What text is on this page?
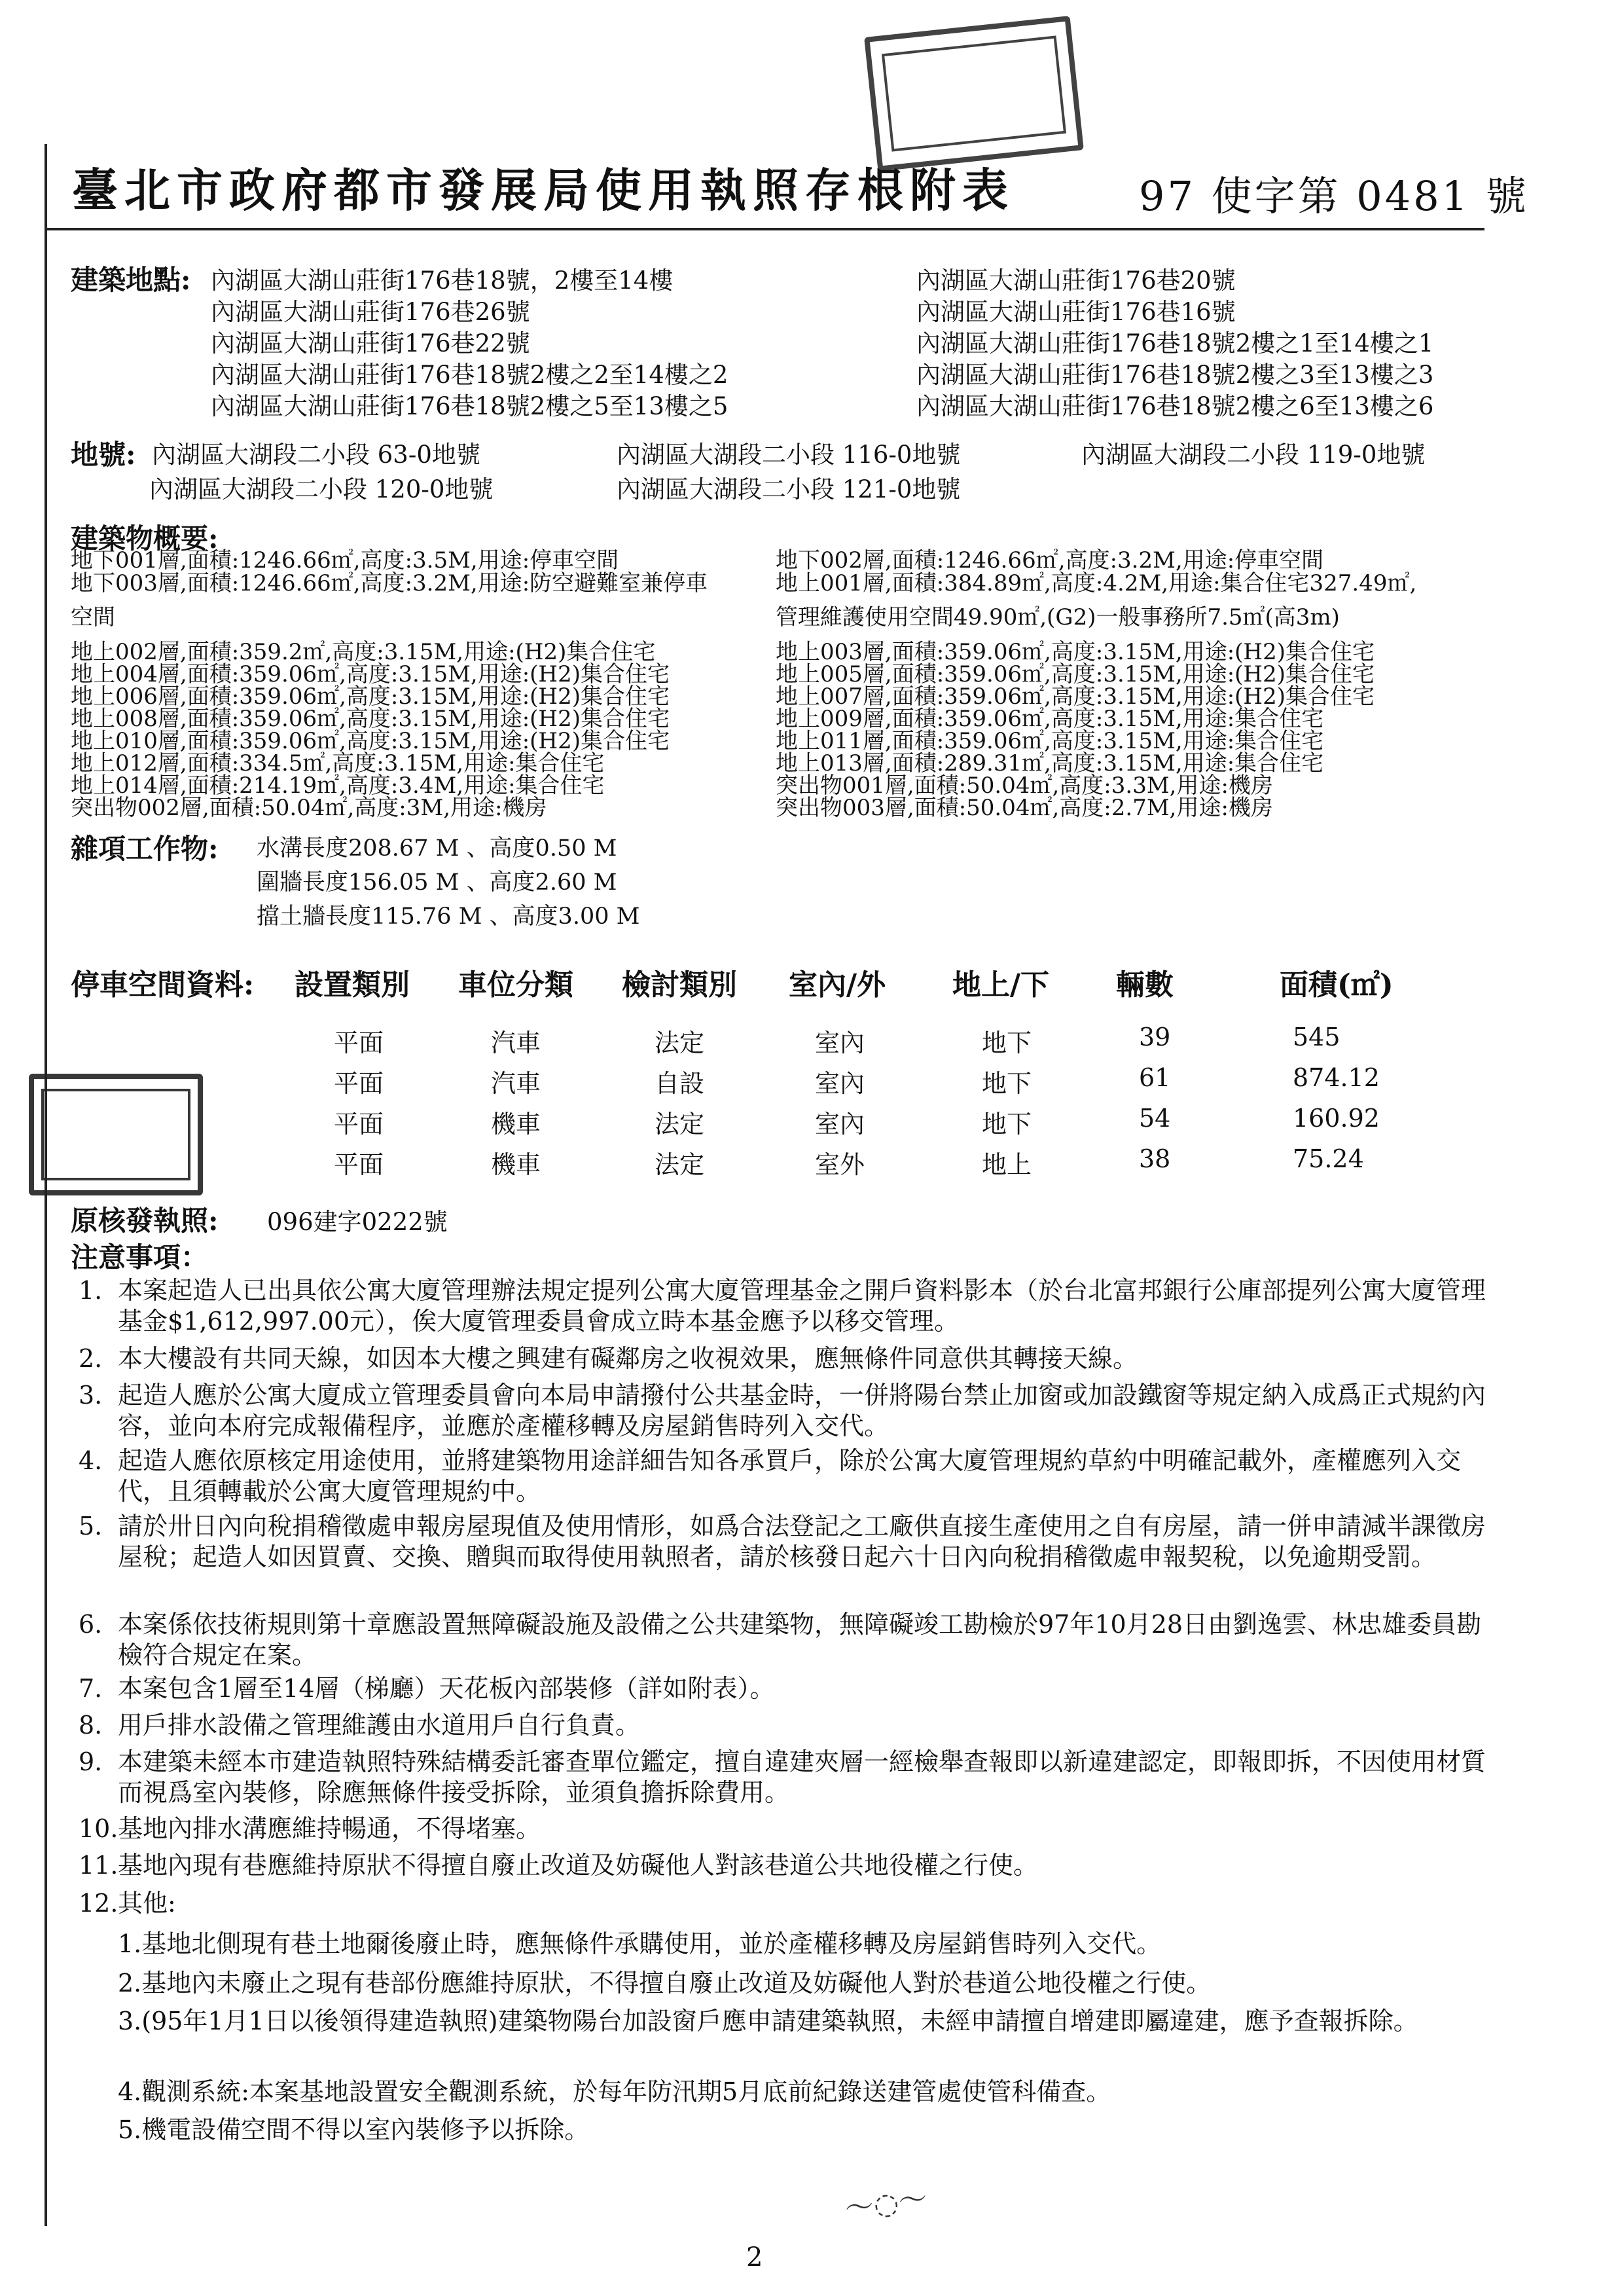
〜◌〜
臺北市政府都市發展局使用執照存根附表	97 使字第 0481 號
建築地點: 內湖區大湖山莊街176巷18號，2樓至14樓
內湖區大湖山莊街176巷26號
內湖區大湖山莊街176巷22號
內湖區大湖山莊街176巷18號2樓之2至14樓之2
內湖區大湖山莊街176巷18號2樓之5至13樓之5
內湖區大湖山莊街176巷20號
內湖區大湖山莊街176巷16號
內湖區大湖山莊街176巷18號2樓之1至14樓之1
內湖區大湖山莊街176巷18號2樓之3至13樓之3
內湖區大湖山莊街176巷18號2樓之6至13樓之6
地號: 內湖區大湖段二小段 63-0地號	內湖區大湖段二小段 116-0地號	內湖區大湖段二小段 119-0地號
內湖區大湖段二小段 120-0地號	內湖區大湖段二小段 121-0地號
建築物概要:
地下001層,面積:1246.66㎡,高度:3.5M,用途:停車空間
地下003層,面積:1246.66㎡,高度:3.2M,用途:防空避難室兼停車
空間
地上002層,面積:359.2㎡,高度:3.15M,用途:(H2)集合住宅
地上004層,面積:359.06㎡,高度:3.15M,用途:(H2)集合住宅
地上006層,面積:359.06㎡,高度:3.15M,用途:(H2)集合住宅
地上008層,面積:359.06㎡,高度:3.15M,用途:(H2)集合住宅
地上010層,面積:359.06㎡,高度:3.15M,用途:(H2)集合住宅
地上012層,面積:334.5㎡,高度:3.15M,用途:集合住宅
地上014層,面積:214.19㎡,高度:3.4M,用途:集合住宅
突出物002層,面積:50.04㎡,高度:3M,用途:機房
地下002層,面積:1246.66㎡,高度:3.2M,用途:停車空間
地上001層,面積:384.89㎡,高度:4.2M,用途:集合住宅327.49㎡,
管理維護使用空間49.90㎡,(G2)一般事務所7.5㎡(高3m)
地上003層,面積:359.06㎡,高度:3.15M,用途:(H2)集合住宅
地上005層,面積:359.06㎡,高度:3.15M,用途:(H2)集合住宅
地上007層,面積:359.06㎡,高度:3.15M,用途:(H2)集合住宅
地上009層,面積:359.06㎡,高度:3.15M,用途:集合住宅
地上011層,面積:359.06㎡,高度:3.15M,用途:集合住宅
地上013層,面積:289.31㎡,高度:3.15M,用途:集合住宅
突出物001層,面積:50.04㎡,高度:3.3M,用途:機房
突出物003層,面積:50.04㎡,高度:2.7M,用途:機房
雜項工作物: 水溝長度208.67 M 、高度0.50 M
圍牆長度156.05 M 、高度2.60 M
擋土牆長度115.76 M 、高度3.00 M
停車空間資料: 設置類別 車位分類 檢討類別 室內/外 地上/下 輛數	面積(㎡)
平面	汽車	法定	室內	地下	39	545
平面	汽車	自設	室內	地下	61	874.12
平面	機車	法定	室內	地下	54	160.92
平面	機車	法定	室外	地上	38	75.24
原核發執照: 096建字0222號
注意事項：
1. 本案起造人已出具依公寓大廈管理辦法規定提列公寓大廈管理基金之開戶資料影本（於台北富邦銀行公庫部提列公寓大廈管理基金$1,612,997.00元），俟大廈管理委員會成立時本基金應予以移交管理。
2. 本大樓設有共同天線，如因本大樓之興建有礙鄰房之收視效果，應無條件同意供其轉接天線。
3. 起造人應於公寓大廈成立管理委員會向本局申請撥付公共基金時，一併將陽台禁止加窗或加設鐵窗等規定納入成爲正式規約內容，並向本府完成報備程序，並應於產權移轉及房屋銷售時列入交代。
4. 起造人應依原核定用途使用，並將建築物用途詳細告知各承買戶，除於公寓大廈管理規約草約中明確記載外，產權應列入交代，且須轉載於公寓大廈管理規約中。
5. 請於卅日內向稅捐稽徵處申報房屋現值及使用情形，如爲合法登記之工廠供直接生產使用之自有房屋，請一併申請減半課徵房屋稅；起造人如因買賣、交換、贈與而取得使用執照者，請於核發日起六十日內向稅捐稽徵處申報契稅，以免逾期受罰。
6. 本案係依技術規則第十章應設置無障礙設施及設備之公共建築物，無障礙竣工勘檢於97年10月28日由劉逸雲、林忠雄委員勘檢符合規定在案。
7. 本案包含1層至14層（梯廳）天花板內部裝修（詳如附表）。
8. 用戶排水設備之管理維護由水道用戶自行負責。
9. 本建築未經本市建造執照特殊結構委託審查單位鑑定，擅自違建夾層一經檢舉查報即以新違建認定，即報即拆，不因使用材質而視爲室內裝修，除應無條件接受拆除，並須負擔拆除費用。
10. 基地內排水溝應維持暢通，不得堵塞。
11. 基地內現有巷應維持原狀不得擅自廢止改道及妨礙他人對該巷道公共地役權之行使。
12. 其他:
1.基地北側現有巷土地爾後廢止時，應無條件承購使用，並於產權移轉及房屋銷售時列入交代。
2.基地內未廢止之現有巷部份應維持原狀，不得擅自廢止改道及妨礙他人對於巷道公地役權之行使。
3.(95年1月1日以後領得建造執照)建築物陽台加設窗戶應申請建築執照，未經申請擅自增建即屬違建，應予查報拆除。
4.觀測系統:本案基地設置安全觀測系統，於每年防汛期5月底前紀錄送建管處使管科備查。
5.機電設備空間不得以室內裝修予以拆除。
2
